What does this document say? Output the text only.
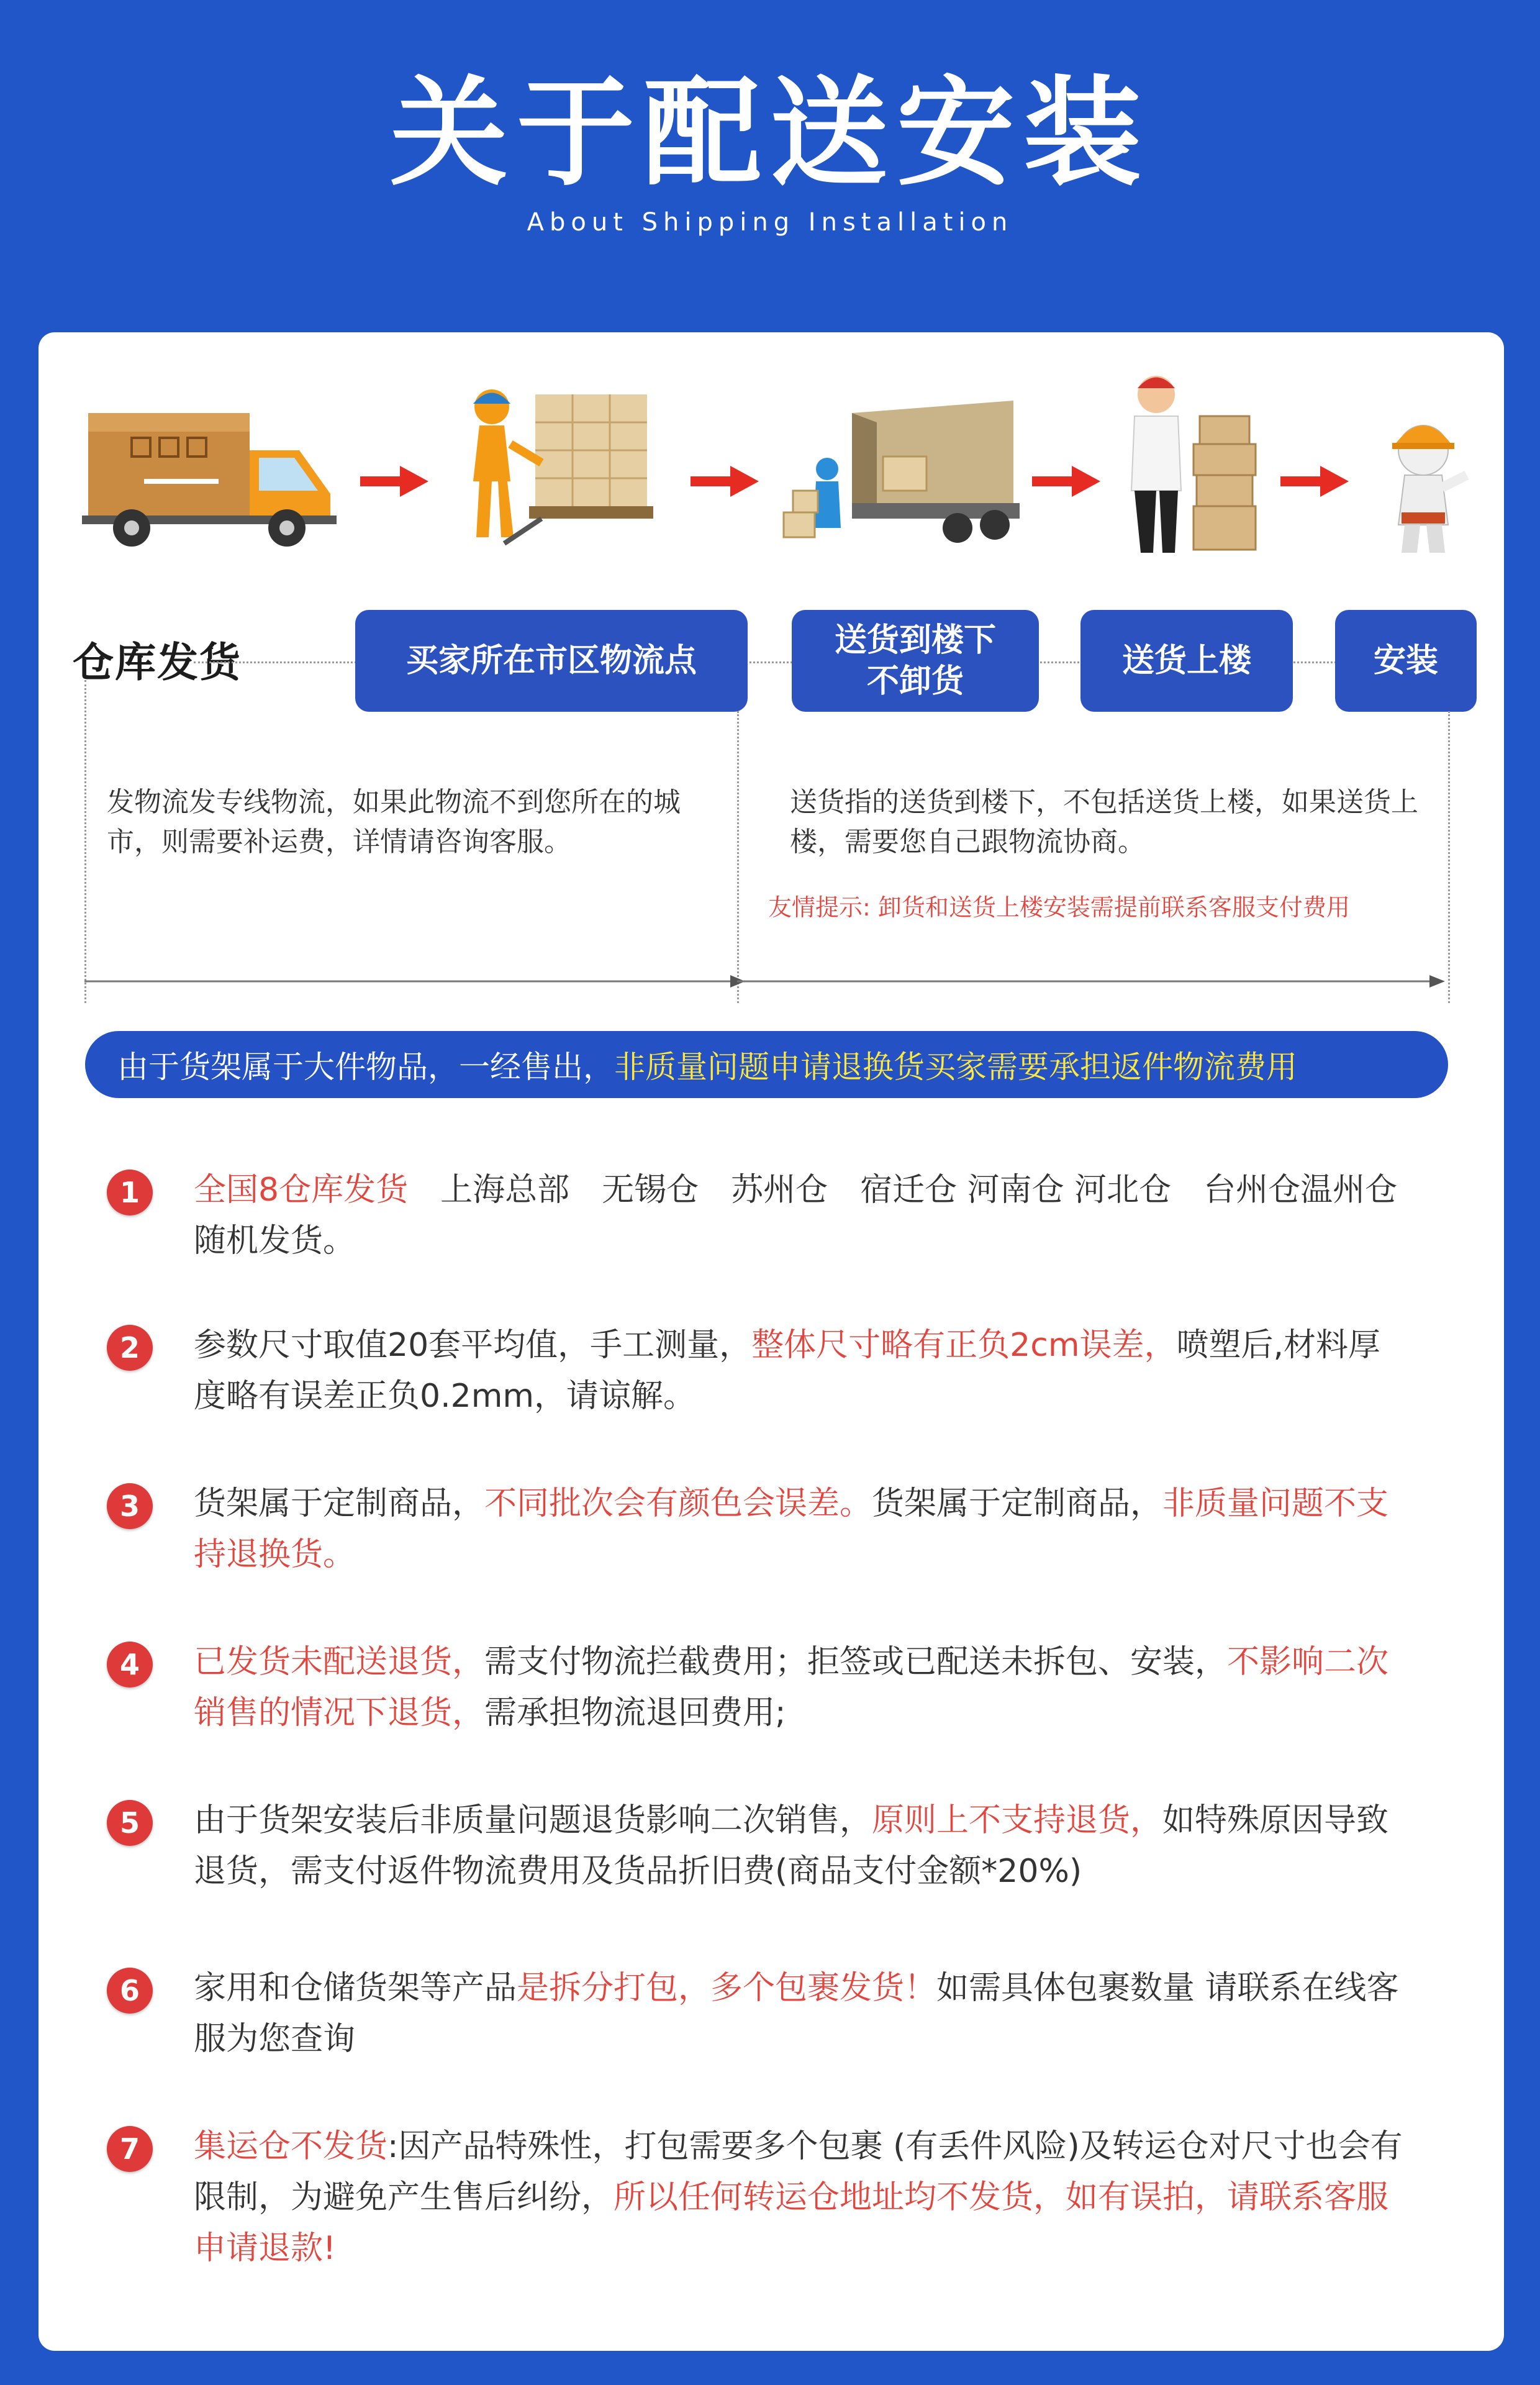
关于配送安装
About Shipping Installation
仓库发货	买家所在市区物流点
送货到楼下
不卸货
送货上楼	安装
发物流发专线物流，如果此物流不到您所在的城市，则需要补运费，详情请咨询客服。
送货指的送货到楼下，不包括送货上楼，如果送货上楼，需要您自己跟物流协商。
友情提示: 卸货和送货上楼安装需提前联系客服支付费用
由于货架属于大件物品，一经售出， 非质量问题申请退换货买家需要承担返件物流费用
1	全国8仓库发货　上海总部　无锡仓　苏州仓　宿迁仓 河南仓 河北仓　台州仓温州仓 随机发货。
2	参数尺寸取值20套平均值，手工测量，整体尺寸略有正负2cm误差，喷塑后,材料厚度略有误差正负0.2mm，请谅解。
3	货架属于定制商品，不同批次会有颜色会误差。货架属于定制商品，非质量问题不支持退换货。
4	已发货未配送退货，需支付物流拦截费用；拒签或已配送未拆包、安装，不影响二次销售的情况下退货，需承担物流退回费用;
5	由于货架安装后非质量问题退货影响二次销售，原则上不支持退货，如特殊原因导致退货，需支付返件物流费用及货品折旧费(商品支付金额*20%)
6	家用和仓储货架等产品是拆分打包，多个包裹发货！如需具体包裹数量 请联系在线客服为您查询
7	集运仓不发货:因产品特殊性，打包需要多个包裹 (有丢件风险)及转运仓对尺寸也会有限制，为避免产生售后纠纷，所以任何转运仓地址均不发货，如有误拍，请联系客服 申请退款!
